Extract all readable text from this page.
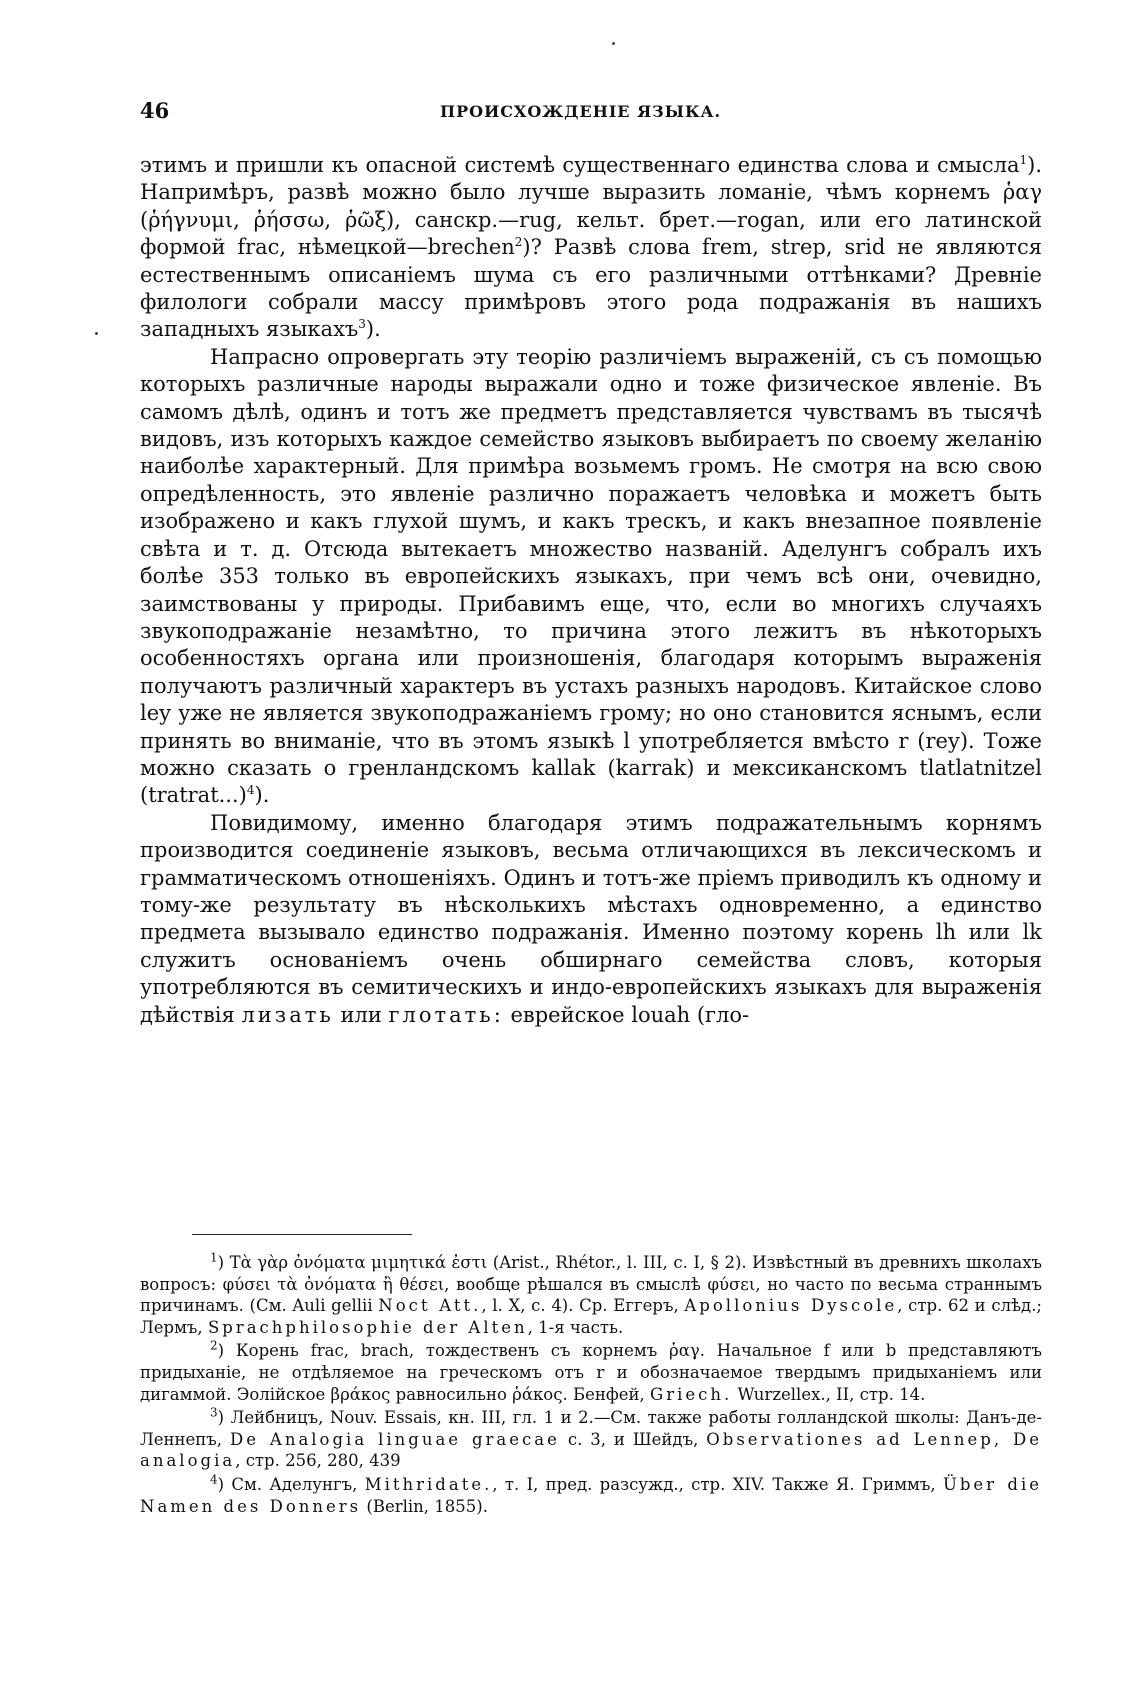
46	ПРОИСХОЖДЕНІЕ ЯЗЫКА.

этимъ и пришли къ опасной системѣ существеннаго единства слова и смысла$^1$). Напримѣръ, развѣ можно было лучше выразить ломаніе, чѣмъ корнемъ ῥαγ (ῥήγνυμι, ῥήσσω, ῥῶξ), санскр.—rug, кельт. брет.—rogan, или его латинской формой frac, нѣмецкой—brechen$^2$)? Развѣ слова frem, strep, srid не являются естественнымъ описаніемъ шума съ его различными оттѣнками? Древніе филологи собрали массу примѣровъ этого рода подражанія въ нашихъ западныхъ языкахъ$^3$).

Напрасно опровергать эту теорію различіемъ выраженій, съ съ помощью которыхъ различные народы выражали одно и тоже физическое явленіе. Въ самомъ дѣлѣ, одинъ и тотъ же предметъ представляется чувствамъ въ тысячѣ видовъ, изъ которыхъ каждое семейство языковъ выбираетъ по своему желанію наиболѣе характерный. Для примѣра возьмемъ громъ. Не смотря на всю свою опредѣленность, это явленіе различно поражаетъ человѣка и можетъ быть изображено и какъ глухой шумъ, и какъ трескъ, и какъ внезапное появленіе свѣта и т. д. Отсюда вытекаетъ множество названій. Аделунгъ собралъ ихъ болѣе 353 только въ европейскихъ языкахъ, при чемъ всѣ они, очевидно, заимствованы у природы. Прибавимъ еще, что, если во многихъ случаяхъ звукоподражаніе незамѣтно, то причина этого лежитъ въ нѣкоторыхъ особенностяхъ органа или произношенія, благодаря которымъ выраженія получаютъ различный характеръ въ устахъ разныхъ народовъ. Китайское слово ley уже не является звукоподражаніемъ грому; но оно становится яснымъ, если принять во вниманіе, что въ этомъ языкѣ l употребляется вмѣсто r (rey). Тоже можно сказать о гренландскомъ kallak (karrak) и мексиканскомъ tlatlatnitzel (tratrat...)$^4$).

Повидимому, именно благодаря этимъ подражательнымъ корнямъ производится соединеніе языковъ, весьма отличающихся въ лексическомъ и грамматическомъ отношеніяхъ. Одинъ и тотъ-же пріемъ приводилъ къ одному и тому-же результату въ нѣсколькихъ мѣстахъ одновременно, а единство предмета вызывало единство подражанія. Именно поэтому корень lh или lk служитъ основаніемъ очень обширнаго семейства словъ, которыя употребляются въ семитическихъ и индо-европейскихъ языкахъ для выраженія дѣйствія лизать или глотать: еврейское louah (гло-

$^1$) Τὰ γὰρ ὀνόματα μιμητικά ἐστι (Arist., Rhétor., l. III, c. I, § 2). Извѣстный въ древнихъ школахъ вопросъ: φύσει τὰ ὀνόματα ἢ θέσει, вообще рѣшался въ смыслѣ φύσει, но часто по весьма страннымъ причинамъ. (См. Auli gellii Noct Att., l. X, c. 4). Ср. Еггеръ, Apollonius Dyscole, стр. 62 и слѣд.; Лермъ, Sprachphilosophie der Alten, 1-я часть.

$^2$) Корень frac, brach, тождественъ съ корнемъ ῥαγ. Начальное f или b представляютъ придыханіе, не отдѣляемое на греческомъ отъ r и обозначаемое твердымъ придыханіемъ или дигаммой. Эолійское βράκος равносильно ῥάκος. Бенфей, Griech. Wurzellex., II, стр. 14.

$^3$) Лейбницъ, Nouv. Essais, кн. III, гл. 1 и 2.—См. также работы голландской школы: Данъ-де-Леннепъ, De Analogia linguae graecae c. 3, и Шейдъ, Observationes ad Lennep, De analogia, стр. 256, 280, 439

$^4$) См. Аделунгъ, Mithridate., т. I, пред. разсужд., стр. XIV. Также Я. Гриммъ, Über die Namen des Donners (Berlin, 1855).
